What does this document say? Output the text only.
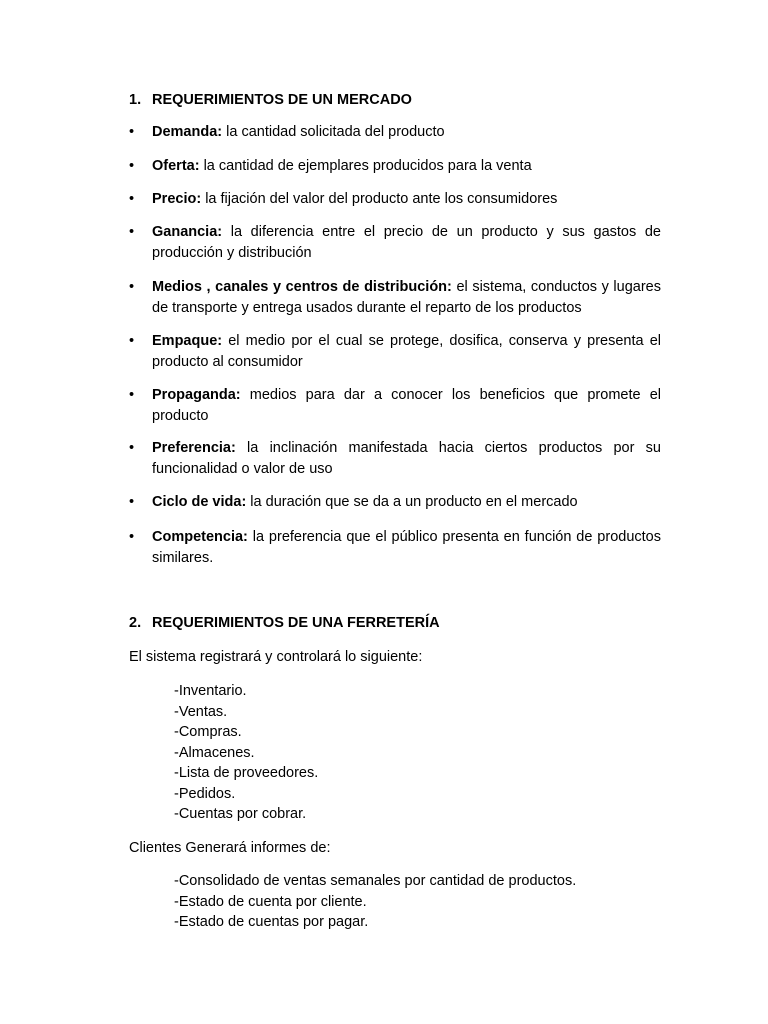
1. REQUERIMIENTOS DE UN MERCADO
•	Demanda: la cantidad solicitada del producto
•	Oferta: la cantidad de ejemplares producidos para la venta
•	Precio: la fijación del valor del producto ante los consumidores
•	Ganancia: la diferencia entre el precio de un producto y sus gastos de producción y distribución
•	Medios , canales y centros de distribución: el sistema, conductos y lugares de transporte y entrega usados durante el reparto de los productos
•	Empaque: el medio por el cual se protege, dosifica, conserva y presenta el producto al consumidor
•	Propaganda: medios para dar a conocer los beneficios que promete el producto
•	Preferencia: la inclinación manifestada hacia ciertos productos por su funcionalidad o valor de uso
•	Ciclo de vida: la duración que se da a un producto en el mercado
•	Competencia: la preferencia que el público presenta en función de productos similares.
2. REQUERIMIENTOS DE UNA FERRETERÍA

El sistema registrará y controlará lo siguiente:

-Inventario.
-Ventas.
-Compras.
-Almacenes.
-Lista de proveedores.
-Pedidos.
-Cuentas por cobrar.

Clientes Generará informes de:

-Consolidado de ventas semanales por cantidad de productos.
-Estado de cuenta por cliente.
-Estado de cuentas por pagar.
